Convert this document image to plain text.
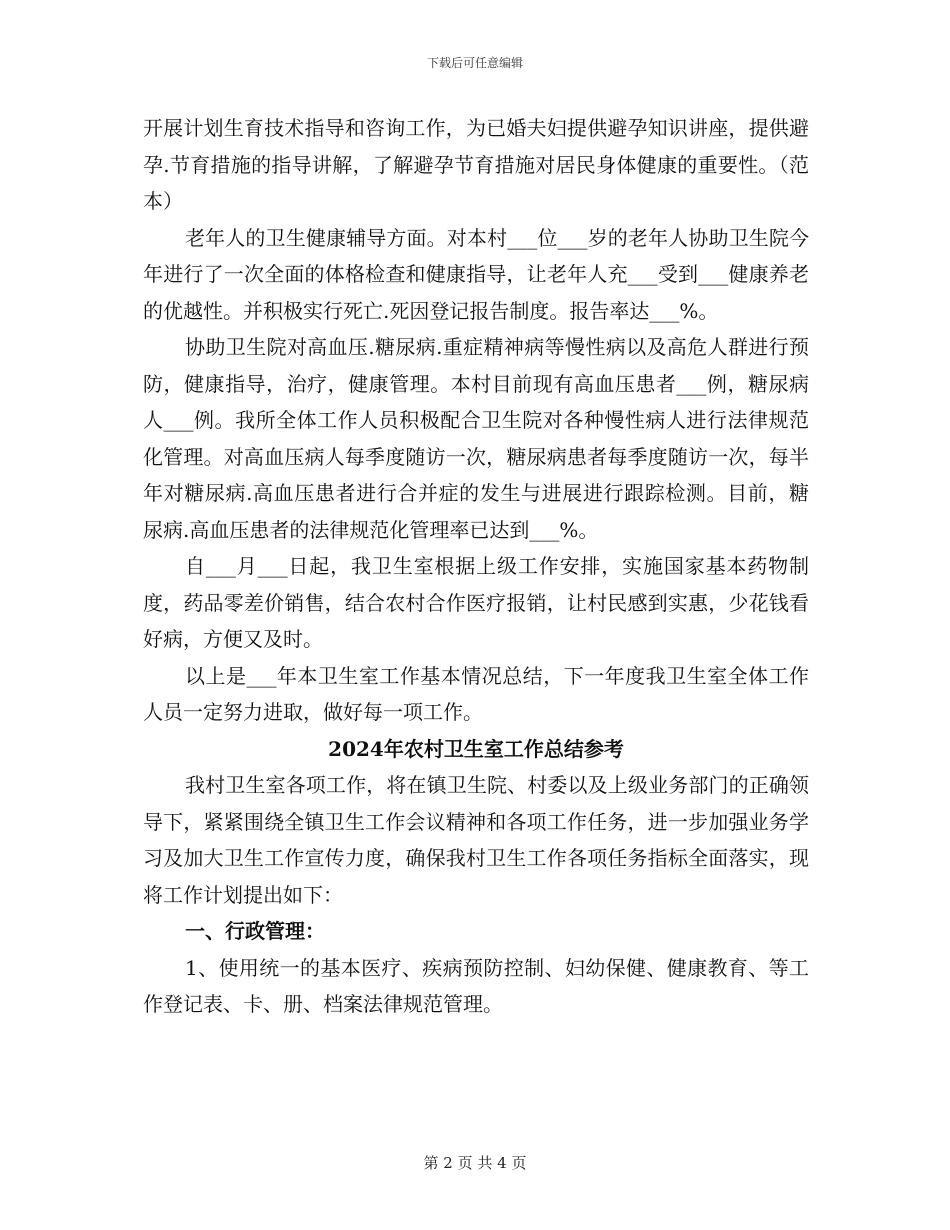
下载后可任意编辑

开展计划生育技术指导和咨询工作，为已婚夫妇提供避孕知识讲座，提供避孕.节育措施的指导讲解，了解避孕节育措施对居民身体健康的重要性。（范本）

老年人的卫生健康辅导方面。对本村___位___岁的老年人协助卫生院今年进行了一次全面的体格检查和健康指导，让老年人充___受到___健康养老的优越性。并积极实行死亡.死因登记报告制度。报告率达___%。

协助卫生院对高血压.糖尿病.重症精神病等慢性病以及高危人群进行预防，健康指导，治疗，健康管理。本村目前现有高血压患者___例，糖尿病人___例。我所全体工作人员积极配合卫生院对各种慢性病人进行法律规范化管理。对高血压病人每季度随访一次，糖尿病患者每季度随访一次，每半年对糖尿病.高血压患者进行合并症的发生与进展进行跟踪检测。目前，糖尿病.高血压患者的法律规范化管理率已达到___%。

自___月___日起，我卫生室根据上级工作安排，实施国家基本药物制度，药品零差价销售，结合农村合作医疗报销，让村民感到实惠，少花钱看好病，方便又及时。

以上是___年本卫生室工作基本情况总结，下一年度我卫生室全体工作人员一定努力进取，做好每一项工作。

2024年农村卫生室工作总结参考

我村卫生室各项工作，将在镇卫生院、村委以及上级业务部门的正确领导下，紧紧围绕全镇卫生工作会议精神和各项工作任务，进一步加强业务学习及加大卫生工作宣传力度，确保我村卫生工作各项任务指标全面落实，现将工作计划提出如下：

一、行政管理：

1、使用统一的基本医疗、疾病预防控制、妇幼保健、健康教育、等工作登记表、卡、册、档案法律规范管理。

第 2 页 共 4 页
